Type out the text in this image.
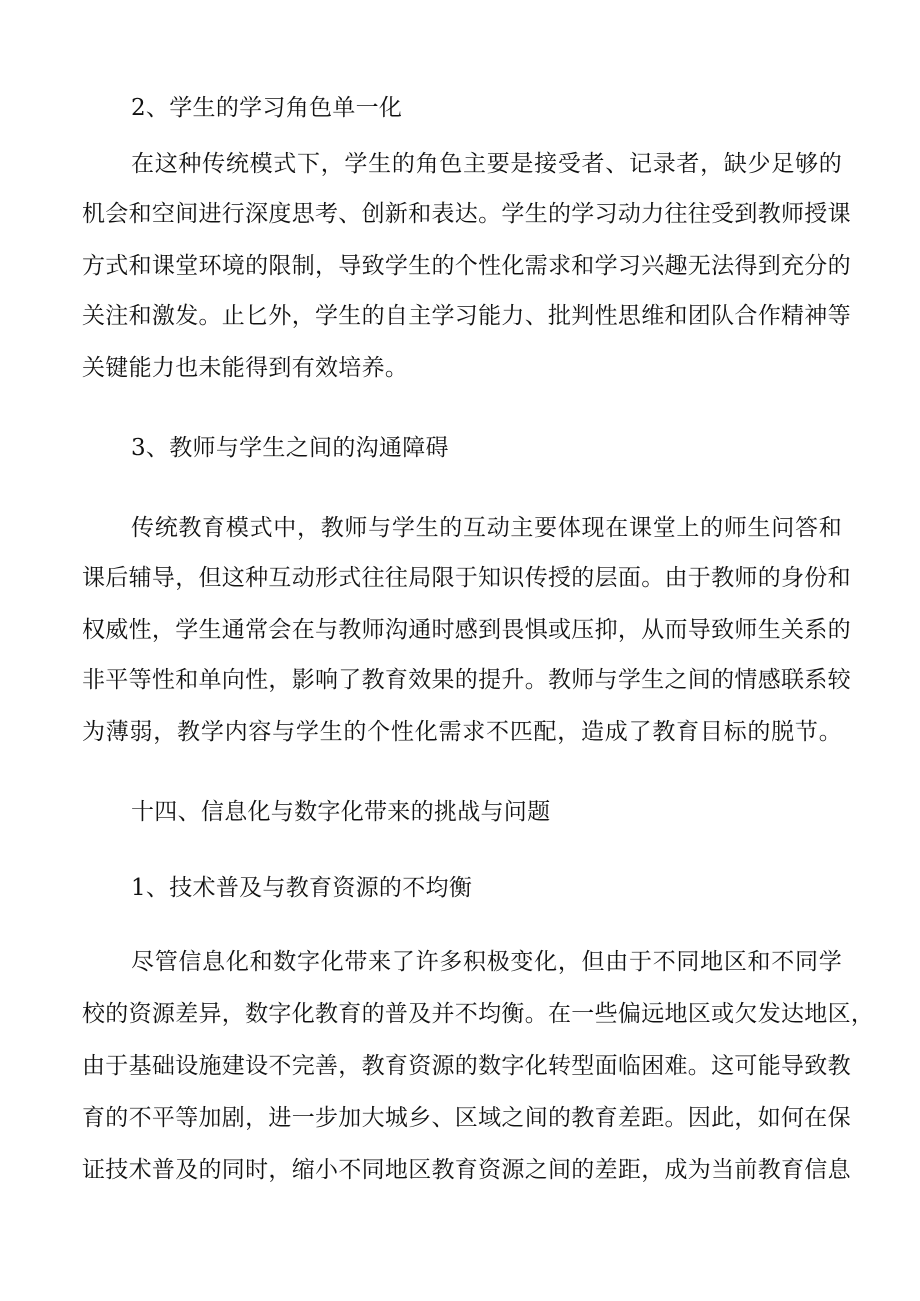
2、学生的学习角色单一化
在这种传统模式下，学生的角色主要是接受者、记录者，缺少足够的
机会和空间进行深度思考、创新和表达。学生的学习动力往往受到教师授课
方式和课堂环境的限制，导致学生的个性化需求和学习兴趣无法得到充分的
关注和激发。止匕外，学生的自主学习能力、批判性思维和团队合作精神等
关键能力也未能得到有效培养。
3、教师与学生之间的沟通障碍
传统教育模式中，教师与学生的互动主要体现在课堂上的师生问答和
课后辅导，但这种互动形式往往局限于知识传授的层面。由于教师的身份和
权威性，学生通常会在与教师沟通时感到畏惧或压抑，从而导致师生关系的
非平等性和单向性，影响了教育效果的提升。教师与学生之间的情感联系较
为薄弱，教学内容与学生的个性化需求不匹配，造成了教育目标的脱节。
十四、信息化与数字化带来的挑战与问题
1、技术普及与教育资源的不均衡
尽管信息化和数字化带来了许多积极变化，但由于不同地区和不同学
校的资源差异，数字化教育的普及并不均衡。在一些偏远地区或欠发达地区，
由于基础设施建设不完善，教育资源的数字化转型面临困难。这可能导致教
育的不平等加剧，进一步加大城乡、区域之间的教育差距。因此，如何在保
证技术普及的同时，缩小不同地区教育资源之间的差距，成为当前教育信息
